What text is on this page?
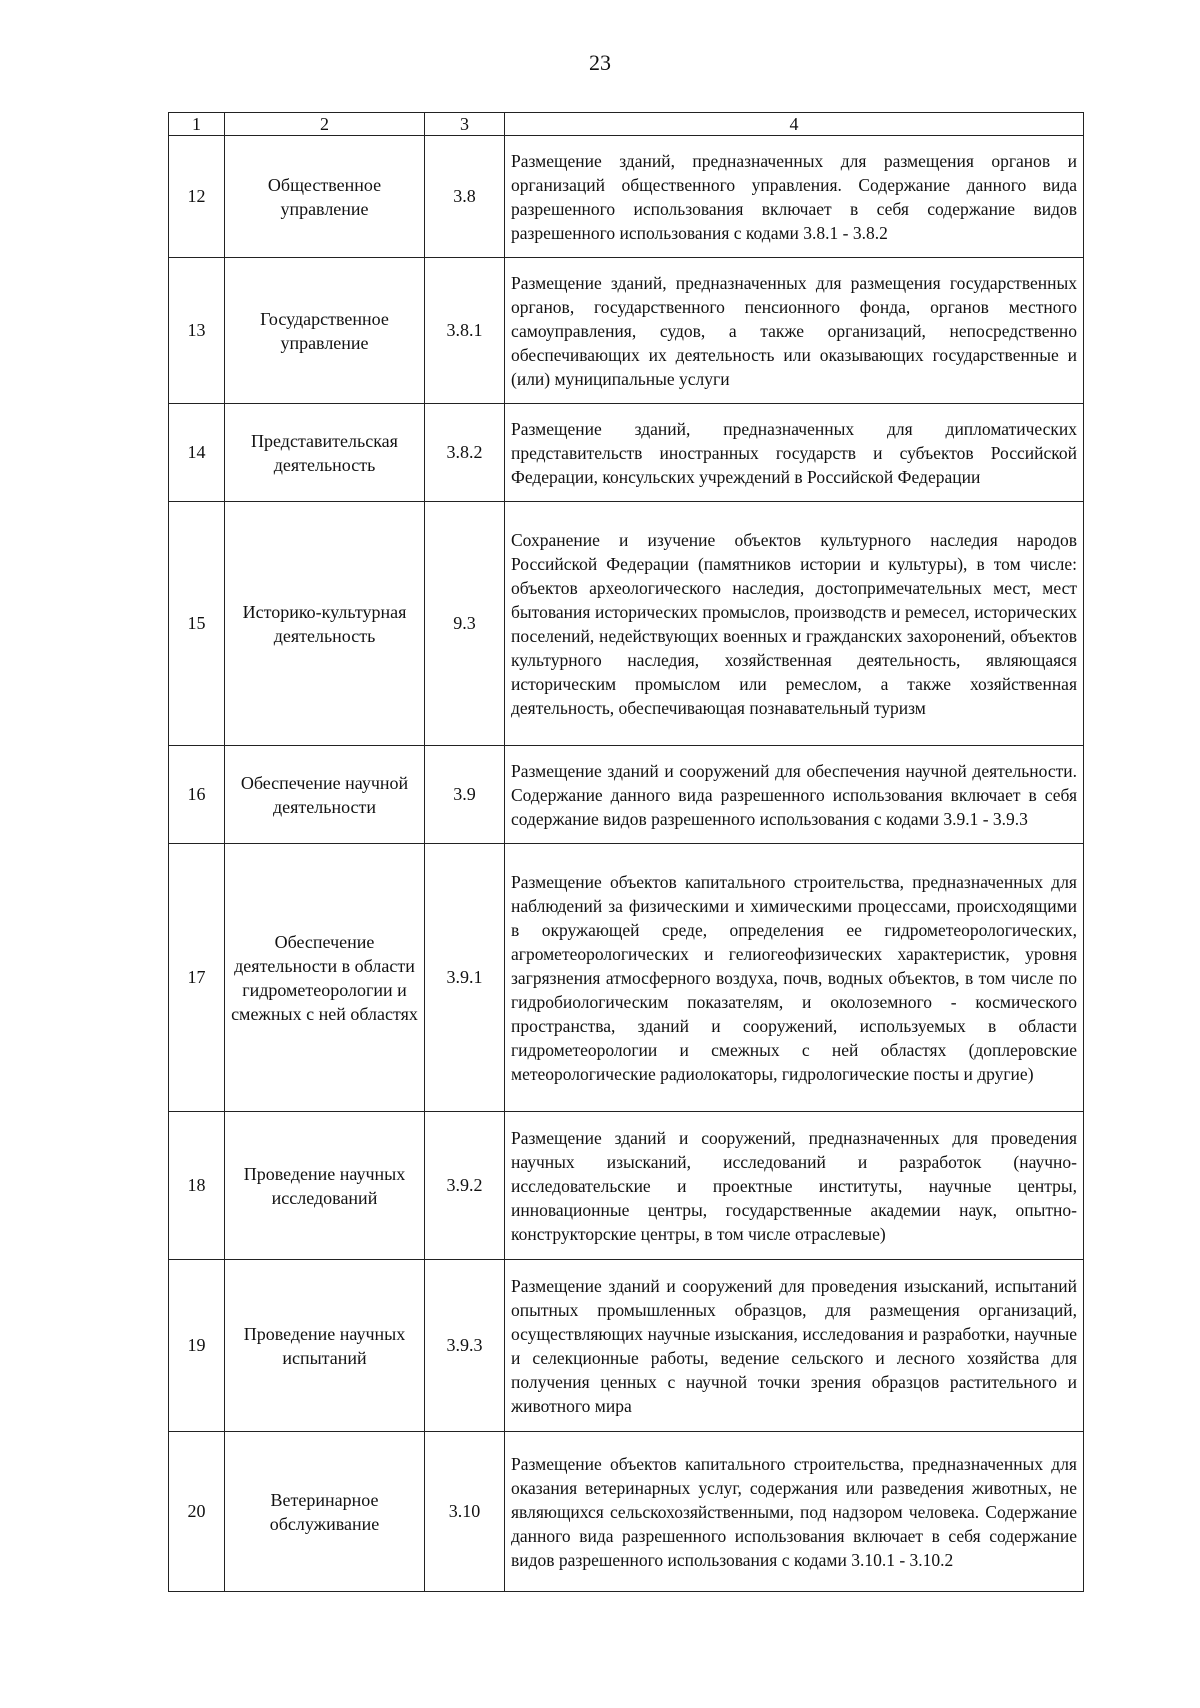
23
1	2	3	4
12	Общественное управление	3.8	Размещение зданий, предназначенных для размещения органов и организаций общественного управления. Содержание данного вида разрешенного использования включает в себя содержание видов разрешенного использования с кодами 3.8.1 - 3.8.2
13	Государственное управление	3.8.1	Размещение зданий, предназначенных для размещения государственных органов, государственного пенсионного фонда, органов местного самоуправления, судов, а также организаций, непосредственно обеспечивающих их деятельность или оказывающих государственные и (или) муниципальные услуги
14	Представительская деятельность	3.8.2	Размещение зданий, предназначенных для дипломатических представительств иностранных государств и субъектов Российской Федерации, консульских учреждений в Российской Федерации
15	Историко-культурная деятельность	9.3	Сохранение и изучение объектов культурного наследия народов Российской Федерации (памятников истории и культуры), в том числе: объектов археологического наследия, достопримечательных мест, мест бытования исторических промыслов, производств и ремесел, исторических поселений, недействующих военных и гражданских захоронений, объектов культурного наследия, хозяйственная деятельность, являющаяся историческим промыслом или ремеслом, а также хозяйственная деятельность, обеспечивающая познавательный туризм
16	Обеспечение научной деятельности	3.9	Размещение зданий и сооружений для обеспечения научной деятельности. Содержание данного вида разрешенного использования включает в себя содержание видов разрешенного использования с кодами 3.9.1 - 3.9.3
17	Обеспечение деятельности в области гидрометеорологии и смежных с ней областях	3.9.1	Размещение объектов капитального строительства, предназначенных для наблюдений за физическими и химическими процессами, происходящими в окружающей среде, определения ее гидрометеорологических, агрометеорологических и гелиогеофизических характеристик, уровня загрязнения атмосферного воздуха, почв, водных объектов, в том числе по гидробиологическим показателям, и околоземного - космического пространства, зданий и сооружений, используемых в области гидрометеорологии и смежных с ней областях (доплеровские метеорологические радиолокаторы, гидрологические посты и другие)
18	Проведение научных исследований	3.9.2	Размещение зданий и сооружений, предназначенных для проведения научных изысканий, исследований и разработок (научно-исследовательские и проектные институты, научные центры, инновационные центры, государственные академии наук, опытно-конструкторские центры, в том числе отраслевые)
19	Проведение научных испытаний	3.9.3	Размещение зданий и сооружений для проведения изысканий, испытаний опытных промышленных образцов, для размещения организаций, осуществляющих научные изыскания, исследования и разработки, научные и селекционные работы, ведение сельского и лесного хозяйства для получения ценных с научной точки зрения образцов растительного и животного мира
20	Ветеринарное обслуживание	3.10	Размещение объектов капитального строительства, предназначенных для оказания ветеринарных услуг, содержания или разведения животных, не являющихся сельскохозяйственными, под надзором человека. Содержание данного вида разрешенного использования включает в себя содержание видов разрешенного использования с кодами 3.10.1 - 3.10.2
